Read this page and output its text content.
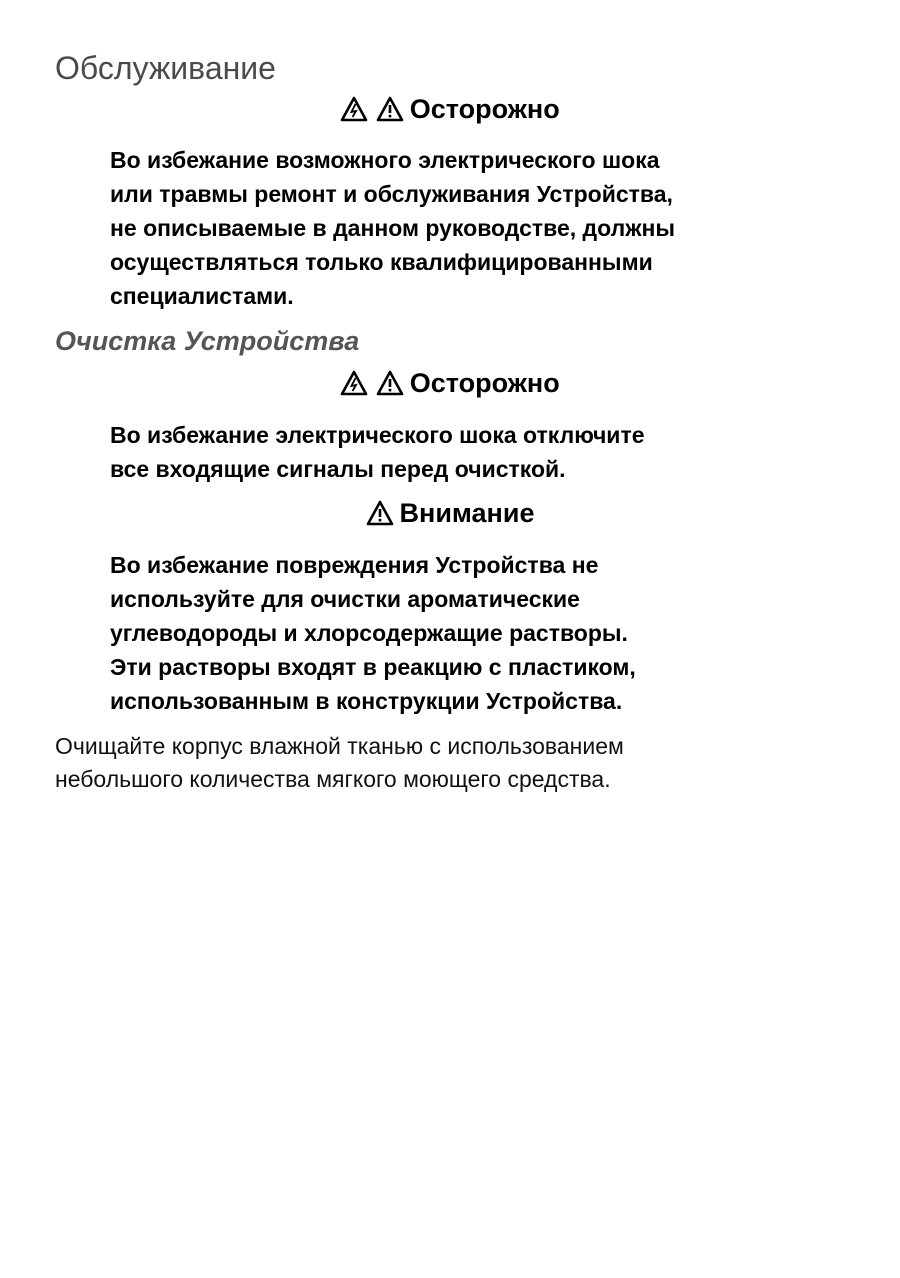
Обслуживание
Осторожно
Во избежание возможного электрического шока
или травмы ремонт и обслуживания Устройства,
не описываемые в данном руководстве, должны
осуществляться только квалифицированными
специалистами.
Очистка Устройства
Осторожно
Во избежание электрического шока отключите
все входящие сигналы перед очисткой.
Внимание
Во избежание повреждения Устройства не
используйте для очистки ароматические
углеводороды и хлорсодержащие растворы.
Эти растворы входят в реакцию с пластиком,
использованным в конструкции Устройства.
Очищайте корпус влажной тканью с использованием
небольшого количества мягкого моющего средства.
